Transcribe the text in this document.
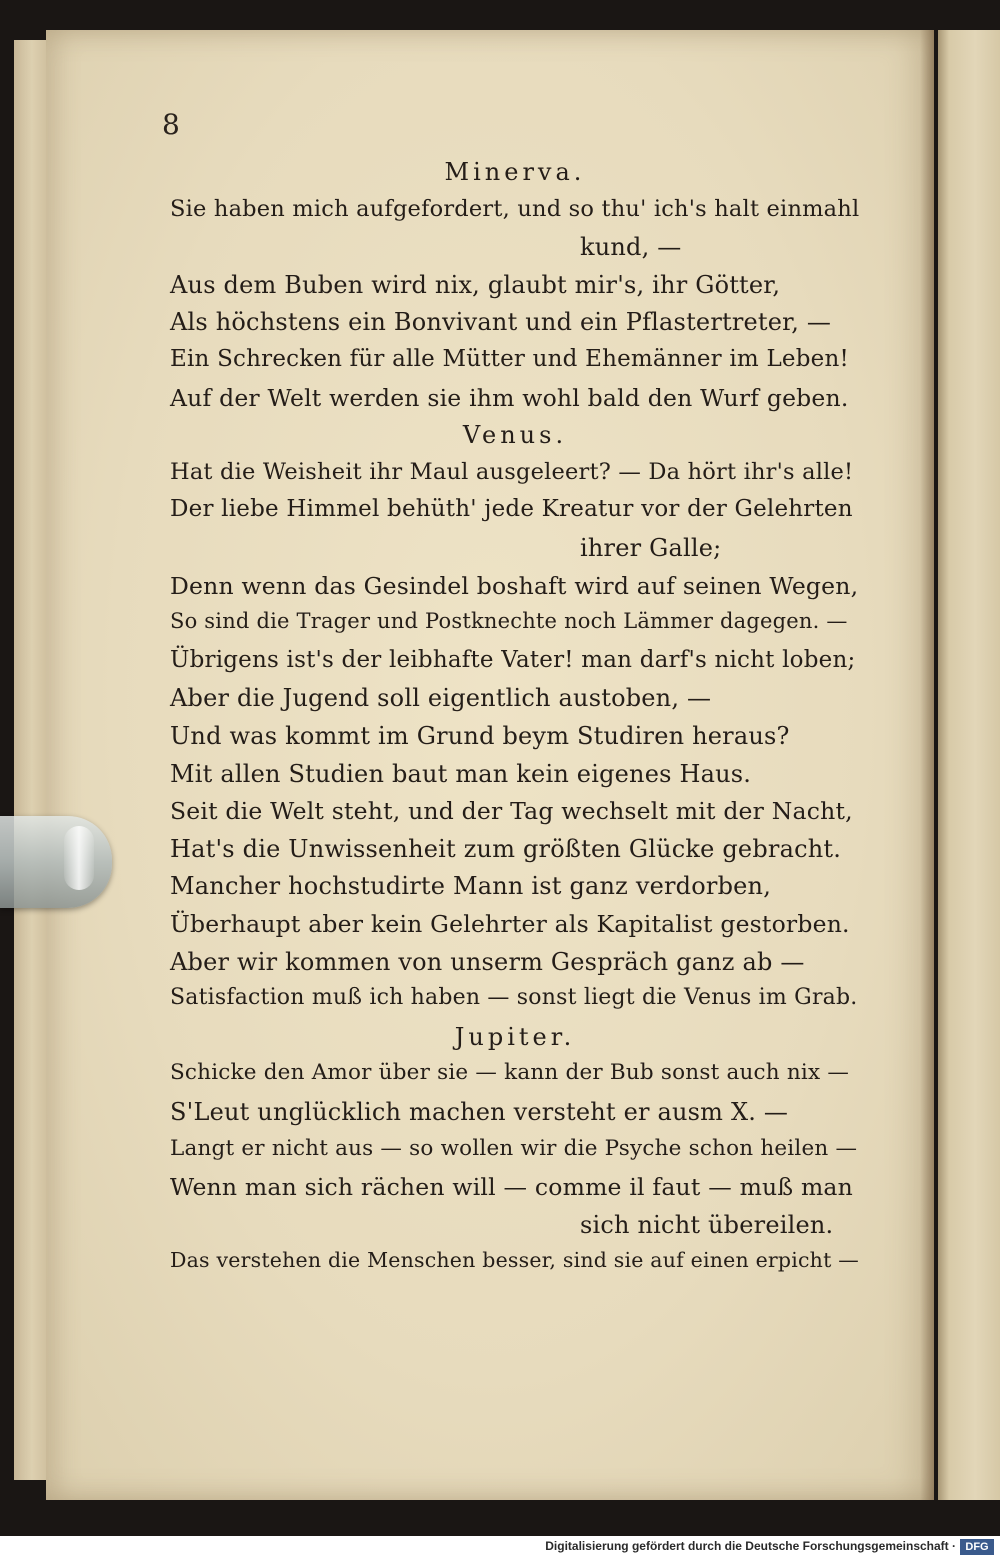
8
Minerva.
Sie haben mich aufgefordert, und so thu' ich's halt einmahl
kund, —
Aus dem Buben wird nix, glaubt mir's, ihr Götter,
Als höchstens ein Bonvivant und ein Pflastertreter, —
Ein Schrecken für alle Mütter und Ehemänner im Leben!
Auf der Welt werden sie ihm wohl bald den Wurf geben.
Venus.
Hat die Weisheit ihr Maul ausgeleert? — Da hört ihr's alle!
Der liebe Himmel behüth' jede Kreatur vor der Gelehrten
ihrer Galle;
Denn wenn das Gesindel boshaft wird auf seinen Wegen,
So sind die Trager und Postknechte noch Lämmer dagegen. —
Übrigens ist's der leibhafte Vater! man darf's nicht loben;
Aber die Jugend soll eigentlich austoben, —
Und was kommt im Grund beym Studiren heraus?
Mit allen Studien baut man kein eigenes Haus.
Seit die Welt steht, und der Tag wechselt mit der Nacht,
Hat's die Unwissenheit zum größten Glücke gebracht.
Mancher hochstudirte Mann ist ganz verdorben,
Überhaupt aber kein Gelehrter als Kapitalist gestorben.
Aber wir kommen von unserm Gespräch ganz ab —
Satisfaction muß ich haben — sonst liegt die Venus im Grab.
Jupiter.
Schicke den Amor über sie — kann der Bub sonst auch nix —
S'Leut unglücklich machen versteht er ausm X. —
Langt er nicht aus — so wollen wir die Psyche schon heilen —
Wenn man sich rächen will — comme il faut — muß man
sich nicht übereilen.
Das verstehen die Menschen besser, sind sie auf einen erpicht —
Digitalisierung gefördert durch die Deutsche Forschungsgemeinschaft · DFG
